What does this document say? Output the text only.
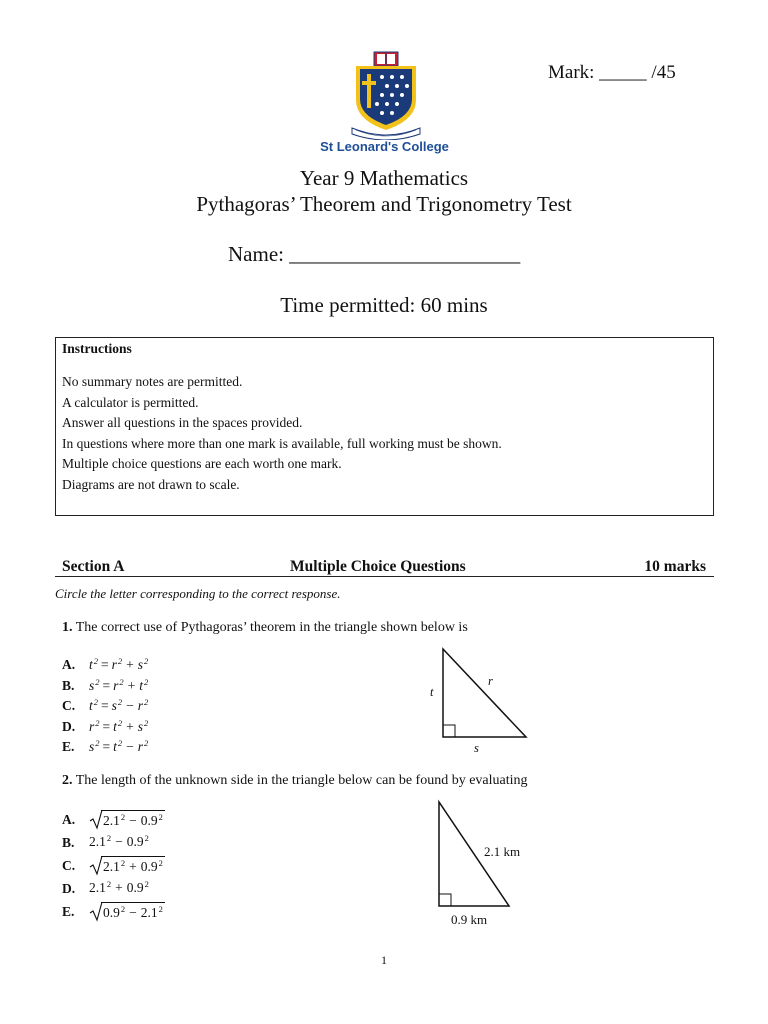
St Leonard's College
Mark: _____ /45
Year 9 Mathematics
Pythagoras’ Theorem and Trigonometry Test
Name: ______________________
Time permitted: 60 mins
Instructions
No summary notes are permitted.
A calculator is permitted.
Answer all questions in the spaces provided.
In questions where more than one mark is available, full working must be shown.
Multiple choice questions are each worth one mark.
Diagrams are not drawn to scale.
Section A	Multiple Choice Questions	10 marks
Circle the letter corresponding to the correct response.
1. The correct use of Pythagoras’ theorem in the triangle shown below is
A. $t^2 = r^2 + s^2$
B. $s^2 = r^2 + t^2$
C. $t^2 = s^2 - r^2$
D. $r^2 = t^2 + s^2$
E. $s^2 = t^2 - r^2$
t
r
s
2. The length of the unknown side in the triangle below can be found by evaluating
A.	$2.1^2 - 0.9^2$
B. $2.1^2 - 0.9^2$
C.	$2.1^2 + 0.9^2$
D. $2.1^2 + 0.9^2$
E.	$0.9^2 - 2.1^2$
2.1 km
0.9 km
1
